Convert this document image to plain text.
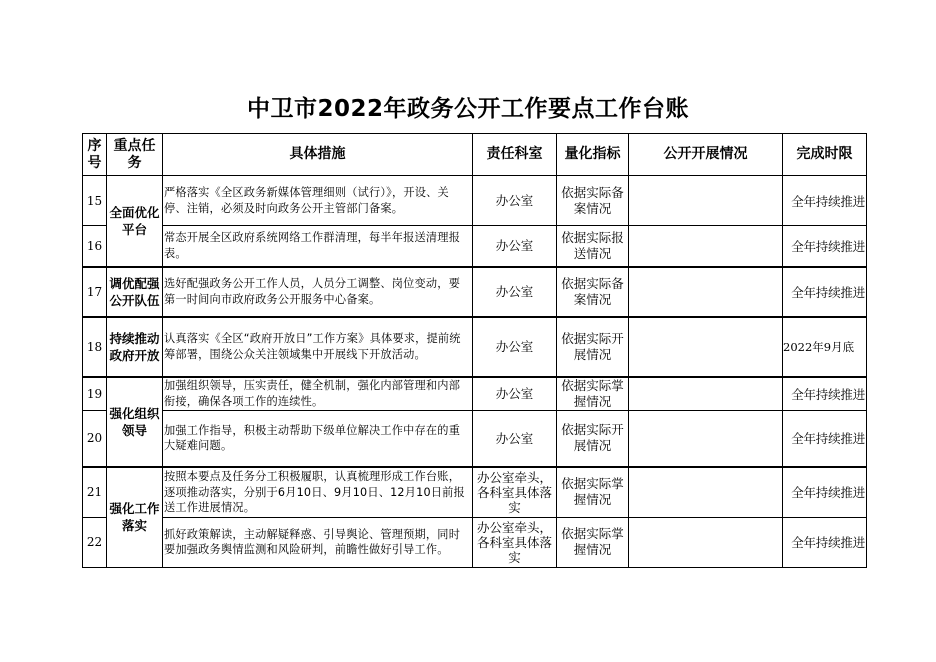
中卫市2022年政务公开工作要点工作台账
序号	重点任务	具体措施	责任科室	量化指标	公开开展情况	完成时限
15	全面优化平台	严格落实《全区政务新媒体管理细则（试行）》，开设、关停、注销，必须及时向政务公开主管部门备案。	办公室	依据实际备案情况		全年持续推进
16		常态开展全区政府系统网络工作群清理，每半年报送清理报表。	办公室	依据实际报送情况		全年持续推进
17	调优配强公开队伍	选好配强政务公开工作人员，人员分工调整、岗位变动，要第一时间向市政府政务公开服务中心备案。	办公室	依据实际备案情况		全年持续推进
18	持续推动政府开放	认真落实《全区“政府开放日”工作方案》具体要求，提前统筹部署，围绕公众关注领域集中开展线下开放活动。	办公室	依据实际开展情况		2022年9月底
19	强化组织领导	加强组织领导，压实责任，健全机制，强化内部管理和内部衔接，确保各项工作的连续性。	办公室	依据实际掌握情况		全年持续推进
20		加强工作指导，积极主动帮助下级单位解决工作中存在的重大疑难问题。	办公室	依据实际开展情况		全年持续推进
21	强化工作落实	按照本要点及任务分工积极履职，认真梳理形成工作台账，逐项推动落实，分别于6月10日、9月10日、12月10日前报送工作进展情况。	办公室牵头，各科室具体落实	依据实际掌握情况		全年持续推进
22		抓好政策解读，主动解疑释惑、引导舆论、管理预期，同时要加强政务舆情监测和风险研判，前瞻性做好引导工作。	办公室牵头，各科室具体落实	依据实际掌握情况		全年持续推进
